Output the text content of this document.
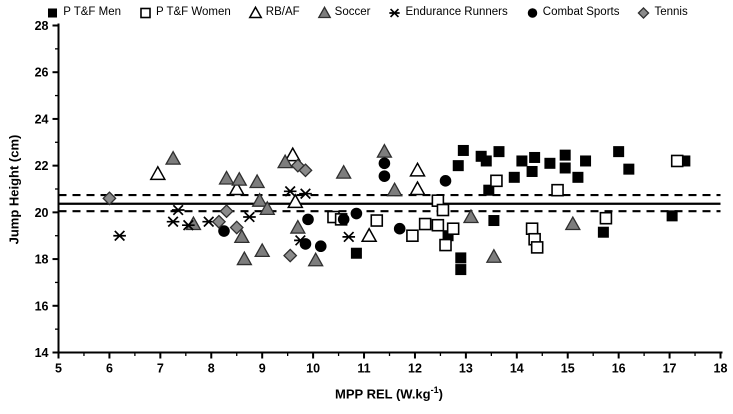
P T&F Men	P T&F Women	RB/AF	Soccer	Endurance Runners	Combat Sports	Tennis
5	6	7	8	9	10	11	12	13	14	15	16	17	18
14
16
18
20
22
24
26
28
MPP REL $(W.kg^{-1})$
Jump Height (cm)
